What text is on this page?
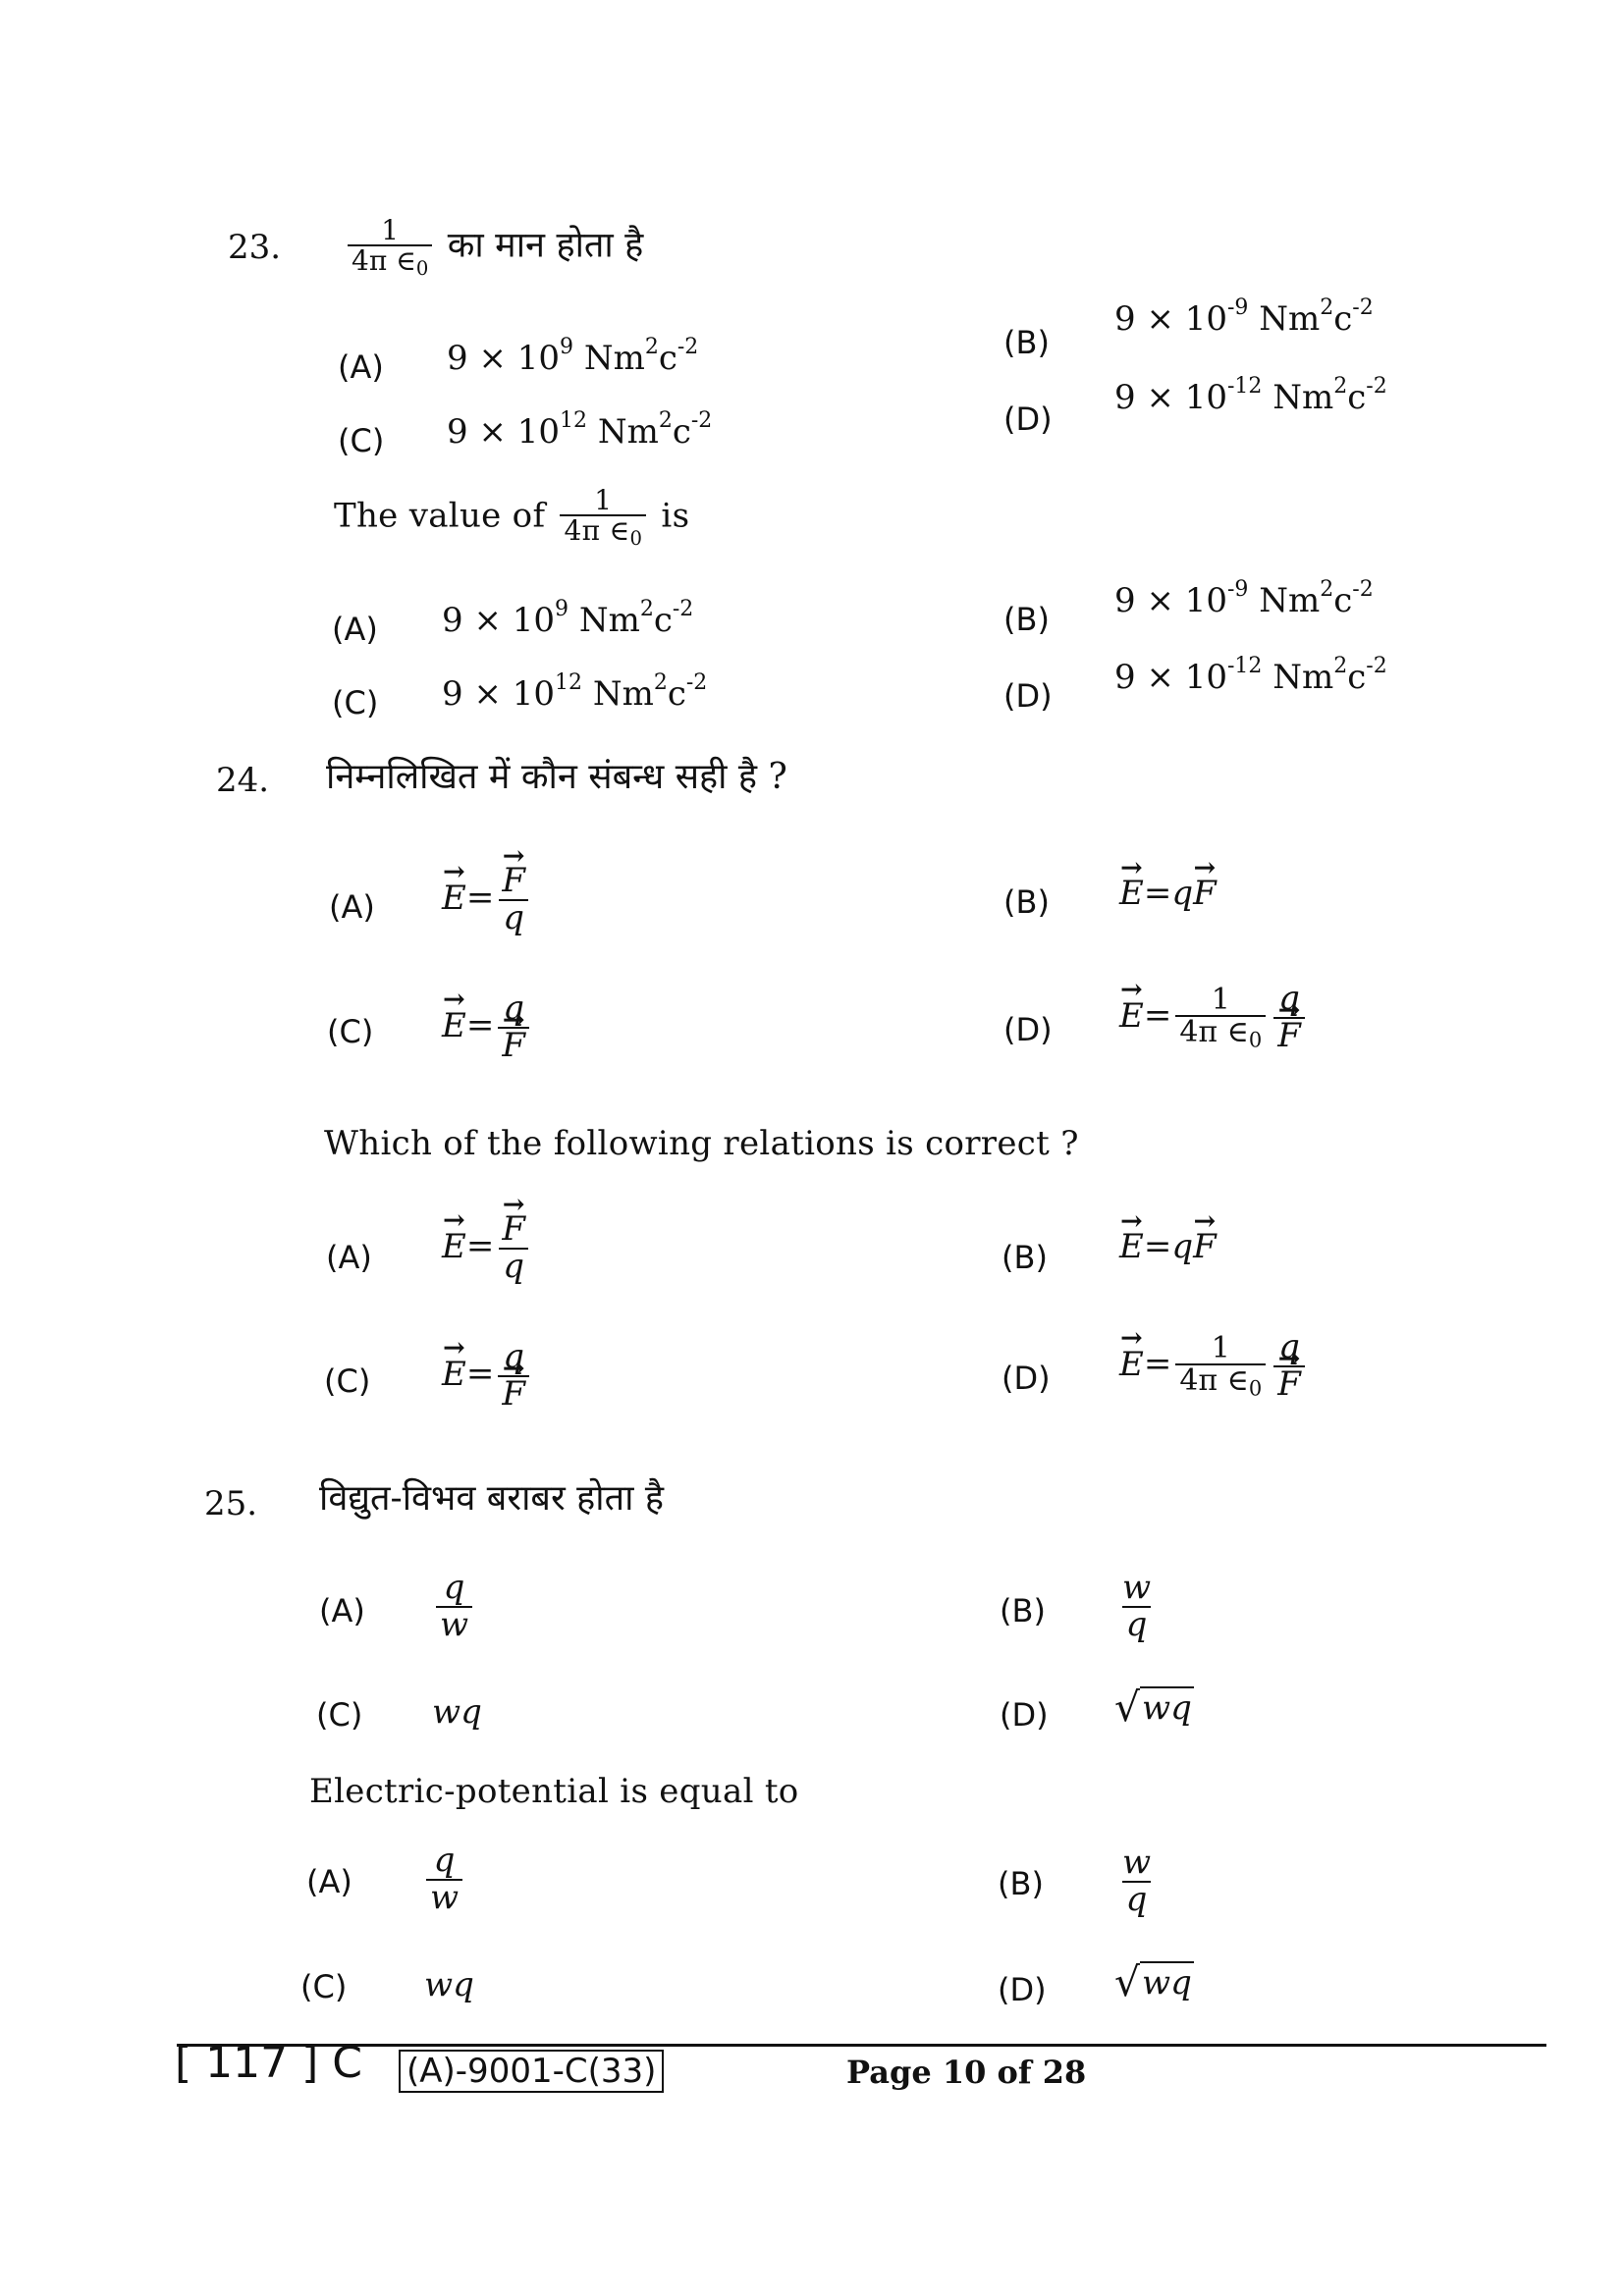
23. $\frac{1}{4\pi \in_0}$ का मान होता है
(A) $9 \times 10^9$ $Nm^2c^{-2}$	(B)
$9 \times 10^{-9}$ $Nm^2c^{-2}$
(C) $9 \times 10^{12}$ $Nm^2c^{-2}$	(D)
$9 \times 10^{-12}$ $Nm^2c^{-2}$
The value of $\frac{1}{4\pi \in_0}$ is
(A) $9 \times 10^9$ $Nm^2c^{-2}$	(B) $9 \times 10^{-9}$ $Nm^2c^{-2}$
(C) $9 \times 10^{12}$ $Nm^2c^{-2}$	(D) $9 \times 10^{-12}$ $Nm^2c^{-2}$
24. निम्नलिखित में कौन संबन्ध सही है ?
(A)
→ E=
→ $\frac{F}{q}$	(B)
→ E=q→ F
(C)
→ E= q
→ F	(D)
→ $E= \frac{1}{4\pi \in_0}$ q
→ F
Which of the following relations is correct ?
(A)
→ E=
→ $\frac{F}{q}$	(B)
→ E=q→ F
(C)
→ E= q
→ F	(D)
→ $E= \frac{1}{4\pi \in_0}$ q
→ F
25. विद्युत-विभव बराबर होता है
$(A) \frac{q}{w}$	$(B) \frac{w}{q}$
(C) wq	(D) √ wq
Electric-potential is equal to
$(A) \frac{q}{w}$	$(B) \frac{w}{q}$
(C) wq	(D) √ wq
[ 117 ] C (A)-9001-C(33)	Page 10 of 28
